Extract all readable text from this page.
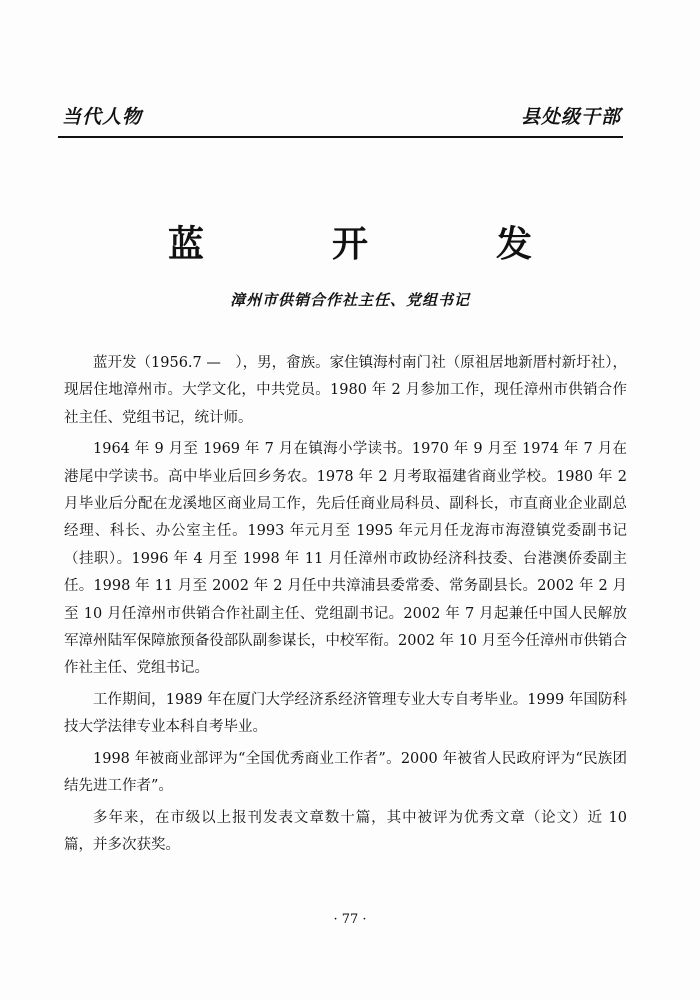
当代人物	县处级干部
蓝　开　发
漳州市供销合作社主任、党组书记

蓝开发（1956.7 —　），男，畲族。家住镇海村南门社（原祖居地新厝村新圩社），现居住地漳州市。大学文化，中共党员。1980 年 2 月参加工作，现任漳州市供销合作社主任、党组书记，统计师。

1964 年 9 月至 1969 年 7 月在镇海小学读书。1970 年 9 月至 1974 年 7 月在港尾中学读书。高中毕业后回乡务农。1978 年 2 月考取福建省商业学校。1980 年 2 月毕业后分配在龙溪地区商业局工作，先后任商业局科员、副科长，市直商业企业副总经理、科长、办公室主任。1993 年元月至 1995 年元月任龙海市海澄镇党委副书记（挂职）。1996 年 4 月至 1998 年 11 月任漳州市政协经济科技委、台港澳侨委副主任。1998 年 11 月至 2002 年 2 月任中共漳浦县委常委、常务副县长。2002 年 2 月至 10 月任漳州市供销合作社副主任、党组副书记。2002 年 7 月起兼任中国人民解放军漳州陆军保障旅预备役部队副参谋长，中校军衔。2002 年 10 月至今任漳州市供销合作社主任、党组书记。

工作期间，1989 年在厦门大学经济系经济管理专业大专自考毕业。1999 年国防科技大学法律专业本科自考毕业。

1998 年被商业部评为“全国优秀商业工作者”。2000 年被省人民政府评为“民族团结先进工作者”。

多年来，在市级以上报刊发表文章数十篇，其中被评为优秀文章（论文）近 10 篇，并多次获奖。

· 77 ·
